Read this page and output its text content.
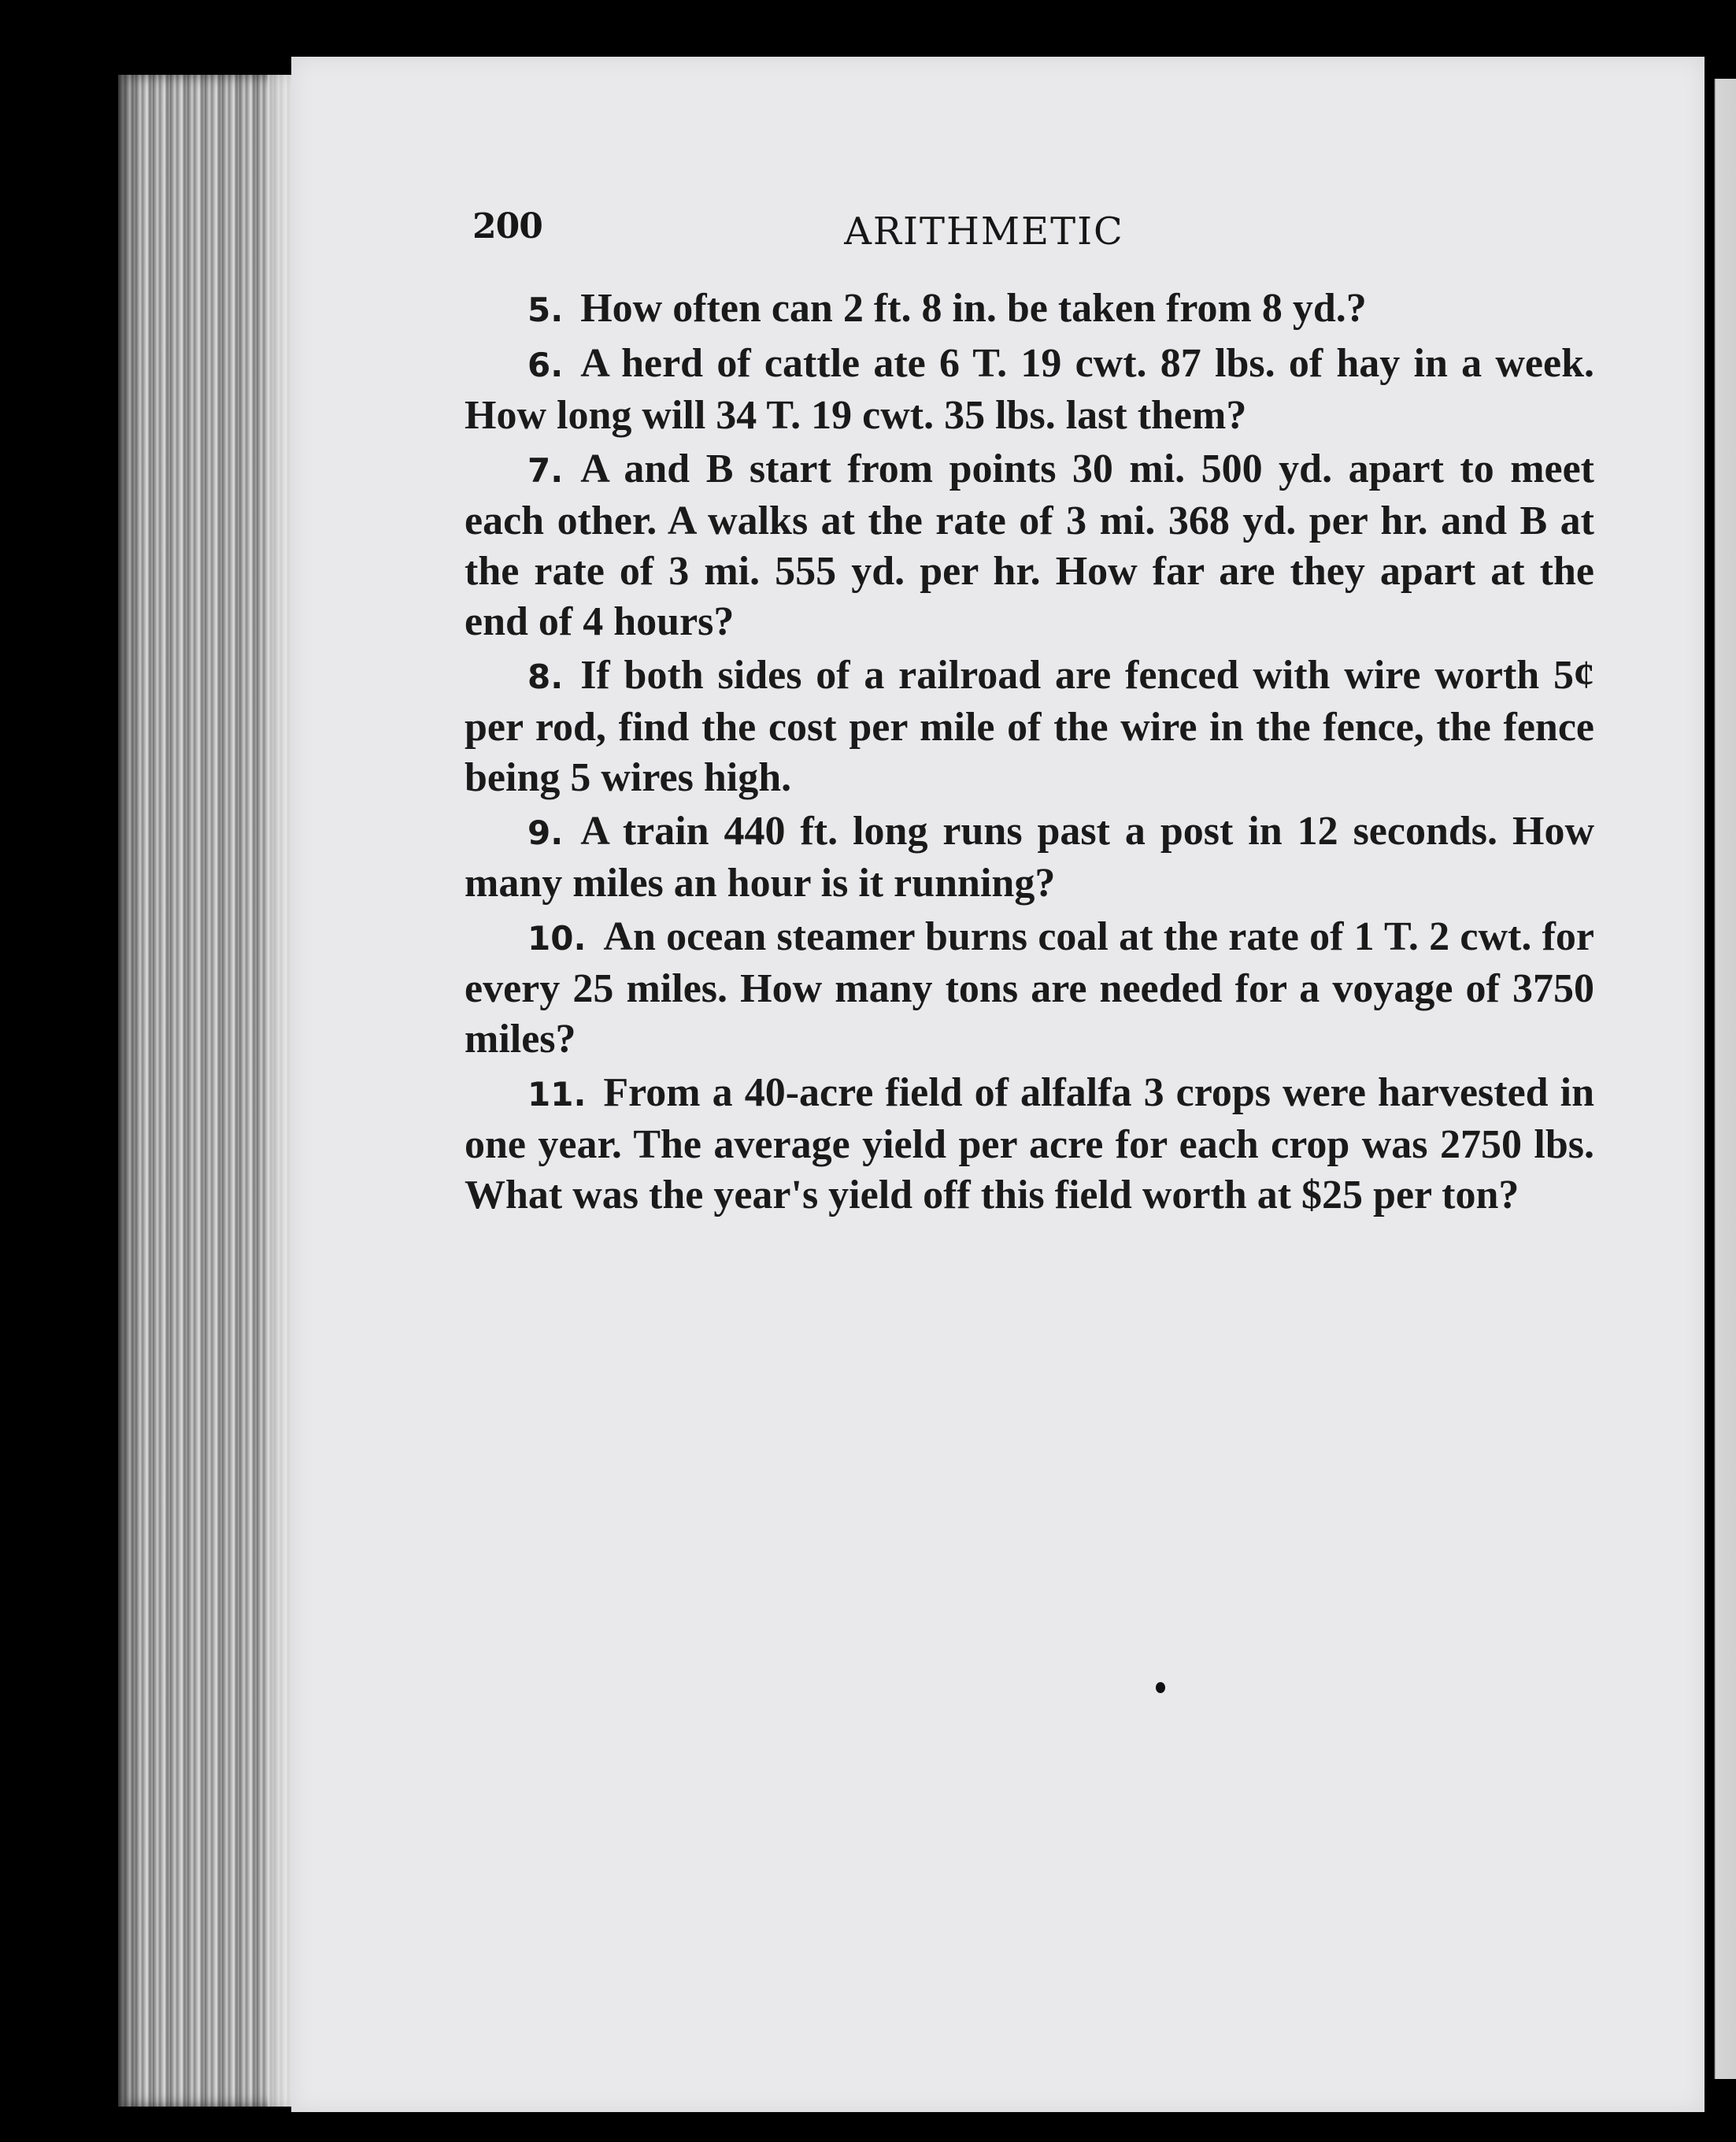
200	ARITHMETIC

5. How often can 2 ft. 8 in. be taken from 8 yd.?

6. A herd of cattle ate 6 T. 19 cwt. 87 lbs. of hay in a week. How long will 34 T. 19 cwt. 35 lbs. last them?

7. A and B start from points 30 mi. 500 yd. apart to meet each other. A walks at the rate of 3 mi. 368 yd. per hr. and B at the rate of 3 mi. 555 yd. per hr. How far are they apart at the end of 4 hours?

8. If both sides of a railroad are fenced with wire worth 5¢ per rod, find the cost per mile of the wire in the fence, the fence being 5 wires high.

9. A train 440 ft. long runs past a post in 12 seconds. How many miles an hour is it running?

10. An ocean steamer burns coal at the rate of 1 T. 2 cwt. for every 25 miles. How many tons are needed for a voyage of 3750 miles?

11. From a 40-acre field of alfalfa 3 crops were harvested in one year. The average yield per acre for each crop was 2750 lbs. What was the year's yield off this field worth at $25 per ton?
